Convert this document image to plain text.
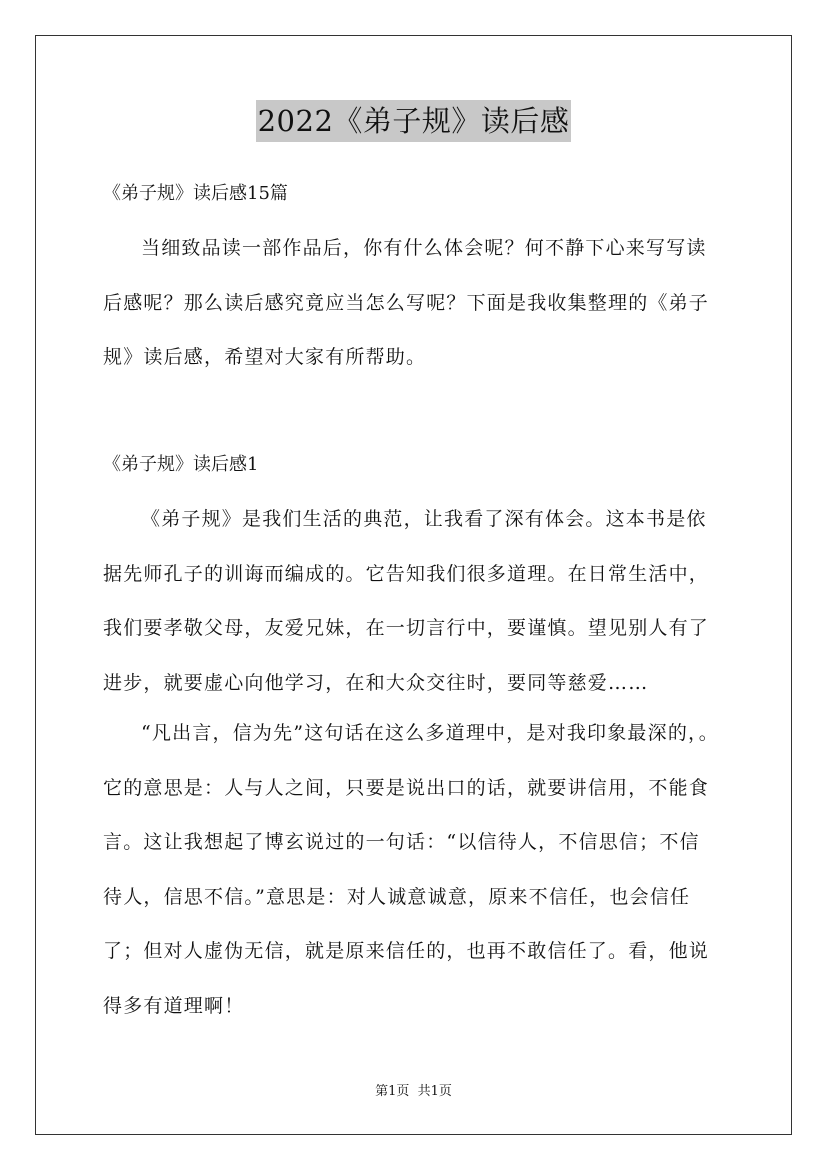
2022《弟子规》读后感
《弟子规》读后感15篇
当细致品读一部作品后，你有什么体会呢？何不静下心来写写读
后感呢？那么读后感究竟应当怎么写呢？下面是我收集整理的《弟子
规》读后感，希望对大家有所帮助。
《弟子规》读后感1
《弟子规》是我们生活的典范，让我看了深有体会。这本书是依
据先师孔子的训诲而编成的。它告知我们很多道理。在日常生活中，
我们要孝敬父母，友爱兄妹，在一切言行中，要谨慎。望见别人有了
进步，就要虚心向他学习，在和大众交往时，要同等慈爱……
“凡出言，信为先”这句话在这么多道理中，是对我印象最深的，。
它的意思是：人与人之间，只要是说出口的话，就要讲信用，不能食
言。这让我想起了博玄说过的一句话：“以信待人，不信思信；不信
待人，信思不信。”意思是：对人诚意诚意，原来不信任，也会信任
了；但对人虚伪无信，就是原来信任的，也再不敢信任了。看，他说
得多有道理啊！
第1页  共1页
